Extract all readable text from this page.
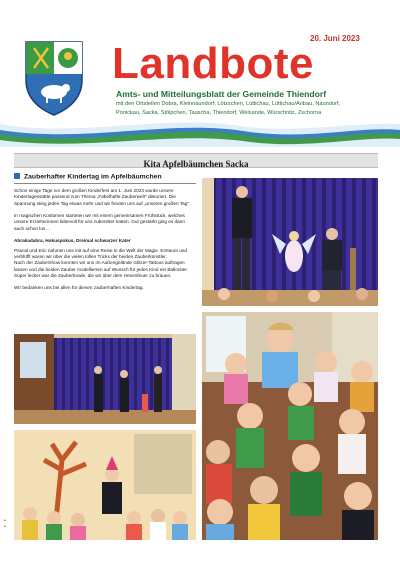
20. Juni 2023
Landbote
Amts- und Mitteilungsblatt der Gemeinde Thiendorf
mit den Ortsteilen Dobra, Kleinnaundorf, Lötzschen, Lüttichau, Lüttichau/Anbau, Naundorf,
Ponickau, Sacka, Stölpchen, Tauscha, Thiendorf, Welxande, Würschnitz, Zschorna
Kita Apfelbäumchen Sacka
Zauberhafter Kindertag im Apfelbäumchen

Schon einige Tage vor dem großen Kinderfest am 1. Juni 2023 wurde unsere Kindertagesstätte passend zum Thema „Fabelhafte Zauberwelt" dekoriert. Die Spannung stieg jeden Tag etwas mehr und wir freuten uns auf „unseren großen Tag".

In magischen Kostümen starteten wir mit einem gemeinsamen Frühstück, welches unsere Erzieherinnen liebevoll für uns zubereitet hatten. Gut gestärkt ging es dann auch schon los…

Abrakadabra, Hokuspokus, Dreimal schwarzer Kater

Pascal und Eric nahmen uns mit auf eine Reise in die Welt der Magie. Erstaunt und verblüfft waren wir über die vielen tollen Tricks der beiden Zauberkünstler.

Nach der Zaubershow konnten wir uns im Außengelände Glitzer-Tattoos auftragen lassen und die beiden Zauber modellierten auf Wunsch für jedes Kind ein Ballontier.

Super lecker war die Zauberbowle, die wir über dem Hexenfeuer zu brauen.

Wir bedanken uns bei allen für diesen zauberhaften Kindertag.

•
•
